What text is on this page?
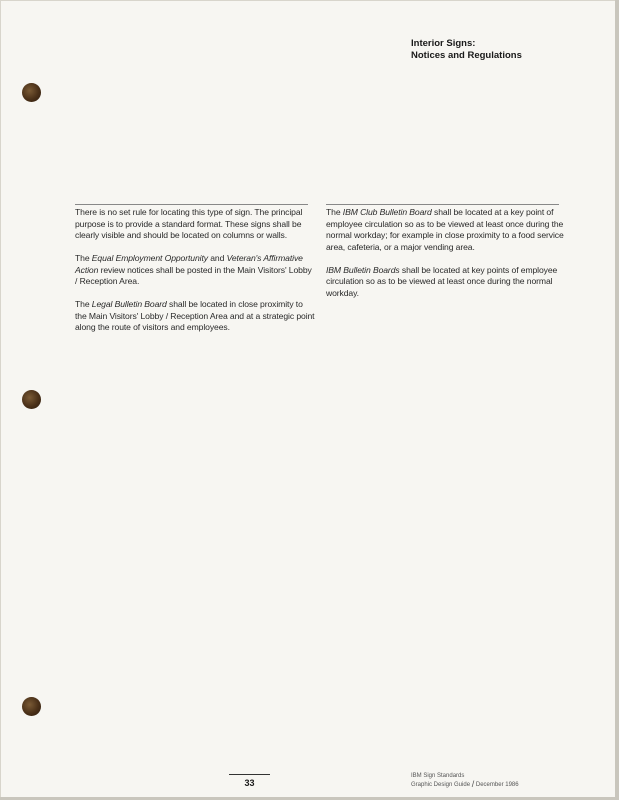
Interior Signs:
Notices and Regulations

There is no set rule for locating this type of sign. The principal purpose is to provide a standard format. These signs shall be clearly visible and should be located on columns or walls.

The Equal Employment Opportunity and Veteran's Affirmative Action review notices shall be posted in the Main Visitors' Lobby / Reception Area.

The Legal Bulletin Board shall be located in close proximity to the Main Visitors' Lobby / Reception Area and at a strategic point along the route of visitors and employees.

The IBM Club Bulletin Board shall be located at a key point of employee circulation so as to be viewed at least once during the normal workday; for example in close proximity to a food service area, cafeteria, or a major vending area.

IBM Bulletin Boards shall be located at key points of employee circulation so as to be viewed at least once during the normal workday.

33
IBM Sign Standards
Graphic Design Guide / December 1986
